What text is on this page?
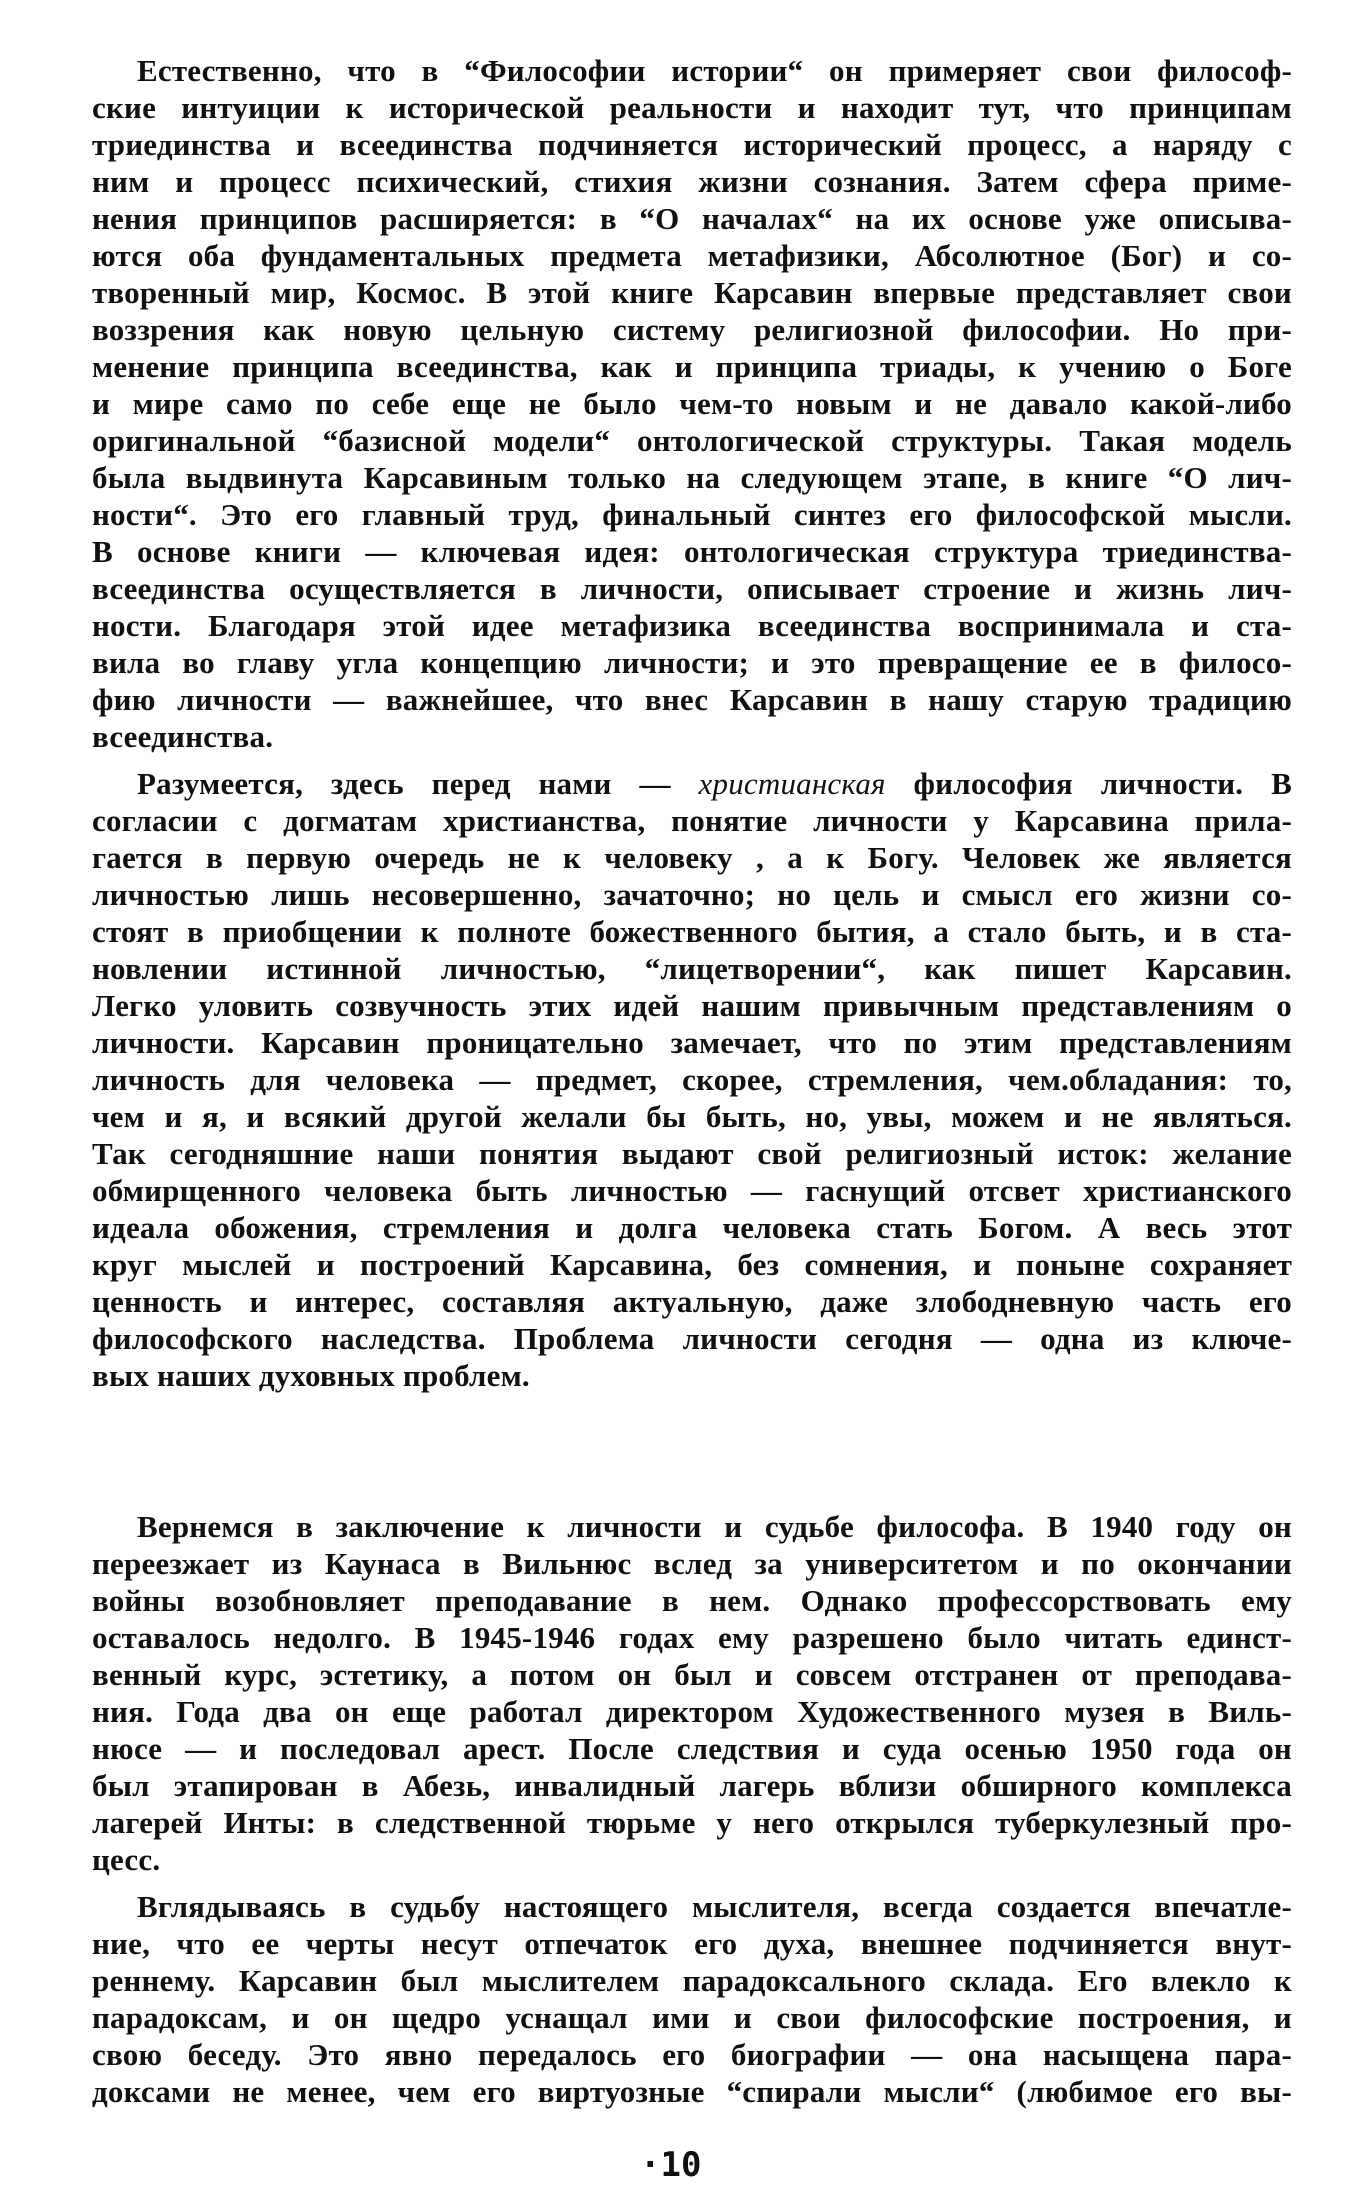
Естественно, что в “Философии истории“ он примеряет свои философ-
ские интуиции к исторической реальности и находит тут, что принципам
триединства и всеединства подчиняется исторический процесс, а наряду с
ним и процесс психический, стихия жизни сознания. Затем сфера приме-
нения принципов расширяется: в “О началах“ на их основе уже описыва-
ются оба фундаментальных предмета метафизики, Абсолютное (Бог) и со-
творенный мир, Космос. В этой книге Карсавин впервые представляет свои
воззрения как новую цельную систему религиозной философии. Но при-
менение принципа всеединства, как и принципа триады, к учению о Боге
и мире само по себе еще не было чем-то новым и не давало какой-либо
оригинальной “базисной модели“ онтологической структуры. Такая модель
была выдвинута Карсавиным только на следующем этапе, в книге “О лич-
ности“. Это его главный труд, финальный синтез его философской мысли.
В основе книги — ключевая идея: онтологическая структура триединства-
всеединства осуществляется в личности, описывает строение и жизнь лич-
ности. Благодаря этой идее метафизика всеединства воспринимала и ста-
вила во главу угла концепцию личности; и это превращение ее в филосо-
фию личности — важнейшее, что внес Карсавин в нашу старую традицию
всеединства.
Разумеется, здесь перед нами — христианская философия личности. В
согласии с догматам христианства, понятие личности у Карсавина прила-
гается в первую очередь не к человеку , а к Богу. Человек же является
личностью лишь несовершенно, зачаточно; но цель и смысл его жизни со-
стоят в приобщении к полноте божественного бытия, а стало быть, и в ста-
новлении истинной личностью, “лицетворении“, как пишет Карсавин.
Легко уловить созвучность этих идей нашим привычным представлениям о
личности. Карсавин проницательно замечает, что по этим представлениям
личность для человека — предмет, скорее, стремления, чем.обладания: то,
чем и я, и всякий другой желали бы быть, но, увы, можем и не являться.
Так сегодняшние наши понятия выдают свой религиозный исток: желание
обмирщенного человека быть личностью — гаснущий отсвет христианского
идеала обожения, стремления и долга человека стать Богом. А весь этот
круг мыслей и построений Карсавина, без сомнения, и поныне сохраняет
ценность и интерес, составляя актуальную, даже злободневную часть его
философского наследства. Проблема личности сегодня — одна из ключе-
вых наших духовных проблем.
Вернемся в заключение к личности и судьбе философа. В 1940 году он
переезжает из Каунаса в Вильнюс вслед за университетом и по окончании
войны возобновляет преподавание в нем. Однако профессорствовать ему
оставалось недолго. В 1945-1946 годах ему разрешено было читать единст-
венный курс, эстетику, а потом он был и совсем отстранен от преподава-
ния. Года два он еще работал директором Художественного музея в Виль-
нюсе — и последовал арест. После следствия и суда осенью 1950 года он
был этапирован в Абезь, инвалидный лагерь вблизи обширного комплекса
лагерей Инты: в следственной тюрьме у него открылся туберкулезный про-
цесс.
Вглядываясь в судьбу настоящего мыслителя, всегда создается впечатле-
ние, что ее черты несут отпечаток его духа, внешнее подчиняется внут-
реннему. Карсавин был мыслителем парадоксального склада. Его влекло к
парадоксам, и он щедро уснащал ими и свои философские построения, и
свою беседу. Это явно передалось его биографии — она насыщена пара-
доксами не менее, чем его виртуозные “спирали мысли“ (любимое его вы-
·10
